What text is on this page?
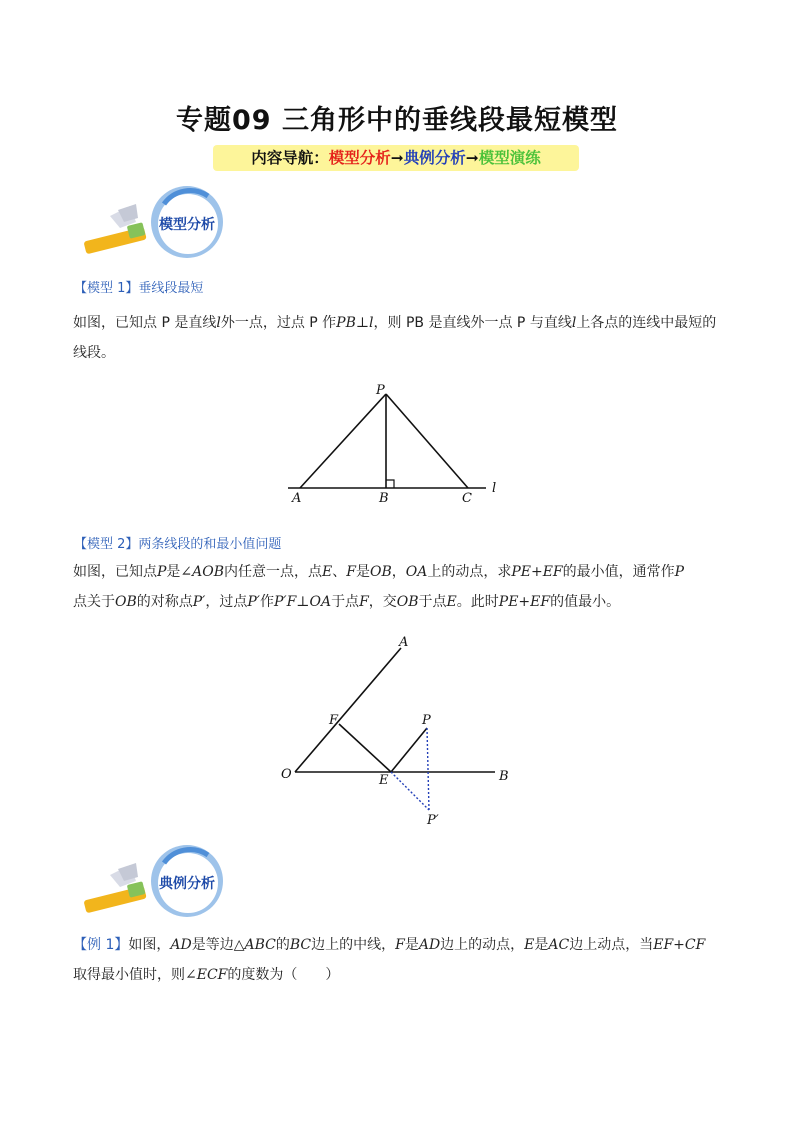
专题09 三角形中的垂线段最短模型
内容导航：模型分析➞典例分析➞模型演练
模型分析
【模型 1】垂线段最短
如图，已知点 P 是直线l外一点，过点 P 作PB⊥l，则 PB 是直线外一点 P 与直线l上各点的连线中最短的线段。
P
A	B	C
l
【模型 2】两条线段的和最小值问题
如图，已知点P是∠AOB内任意一点，点E、F是OB，OA上的动点，求PE+EF的最小值，通常作P
点关于OB的对称点P′，过点P′作P′F⊥OA于点F，交OB于点E。此时PE+EF的值最小。
A
O	B
F
E
P
P′
典例分析
【例 1】如图，AD是等边△ABC的BC边上的中线，F是AD边上的动点，E是AC边上动点，当EF+CF
取得最小值时，则∠ECF的度数为（　　）
